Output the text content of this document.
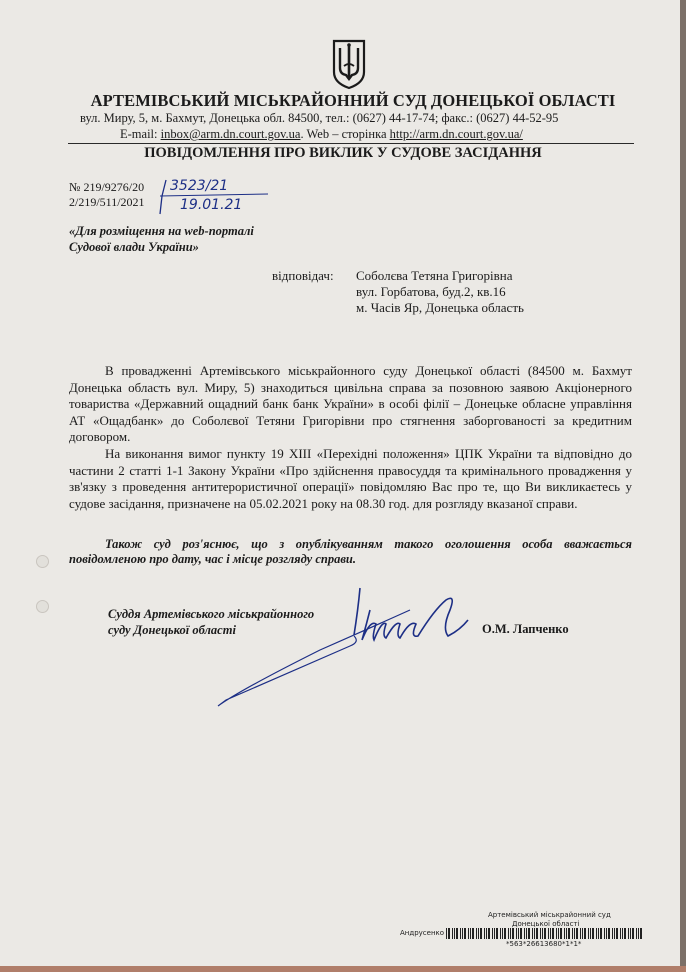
АРТЕМІВСЬКИЙ МІСЬКРАЙОННИЙ СУД ДОНЕЦЬКОЇ ОБЛАСТІ
вул. Миру, 5, м. Бахмут, Донецька обл. 84500, тел.: (0627) 44-17-74; факс.: (0627) 44-52-95
E-mail: inbox@arm.dn.court.gov.ua. Web – сторінка http://arm.dn.court.gov.ua/
ПОВІДОМЛЕННЯ ПРО ВИКЛИК У СУДОВЕ ЗАСІДАННЯ
№ 219/9276/20
2/219/511/2021
3523/21
19.01.21
«Для розміщення на web-порталі
Судової влади України»
відповідач: Соболєва Тетяна Григорівна
вул. Горбатова, буд.2, кв.16
м. Часів Яр, Донецька область

В провадженні Артемівського міськрайонного суду Донецької області (84500 м. Бахмут Донецька область вул. Миру, 5) знаходиться цивільна справа за позовною заявою Акціонерного товариства «Державний ощадний банк банк України» в особі філії – Донецьке обласне управління АТ «Ощадбанк» до Соболєвої Тетяни Григорівни про стягнення заборгованості за кредитним договором.

На виконання вимог пункту 19 XIII «Перехідні положення» ЦПК України та відповідно до частини 2 статті 1-1 Закону України «Про здійснення правосуддя та кримінального провадження у зв'язку з проведення антитерористичної операції» повідомляю Вас про те, що Ви викликаєтесь у судове засідання, призначене на 05.02.2021 року на 08.30 год. для розгляду вказаної справи.

Також суд роз'яснює, що з опублікуванням такого оголошення особа вважається повідомленою про дату, час і місце розгляду справи.

Суддя Артемівського міськрайонного
суду Донецької області	О.М. Лапченко
Артемівський міськрайонний суд
Донецької області
Андрусенко
*563*26613680*1*1*
